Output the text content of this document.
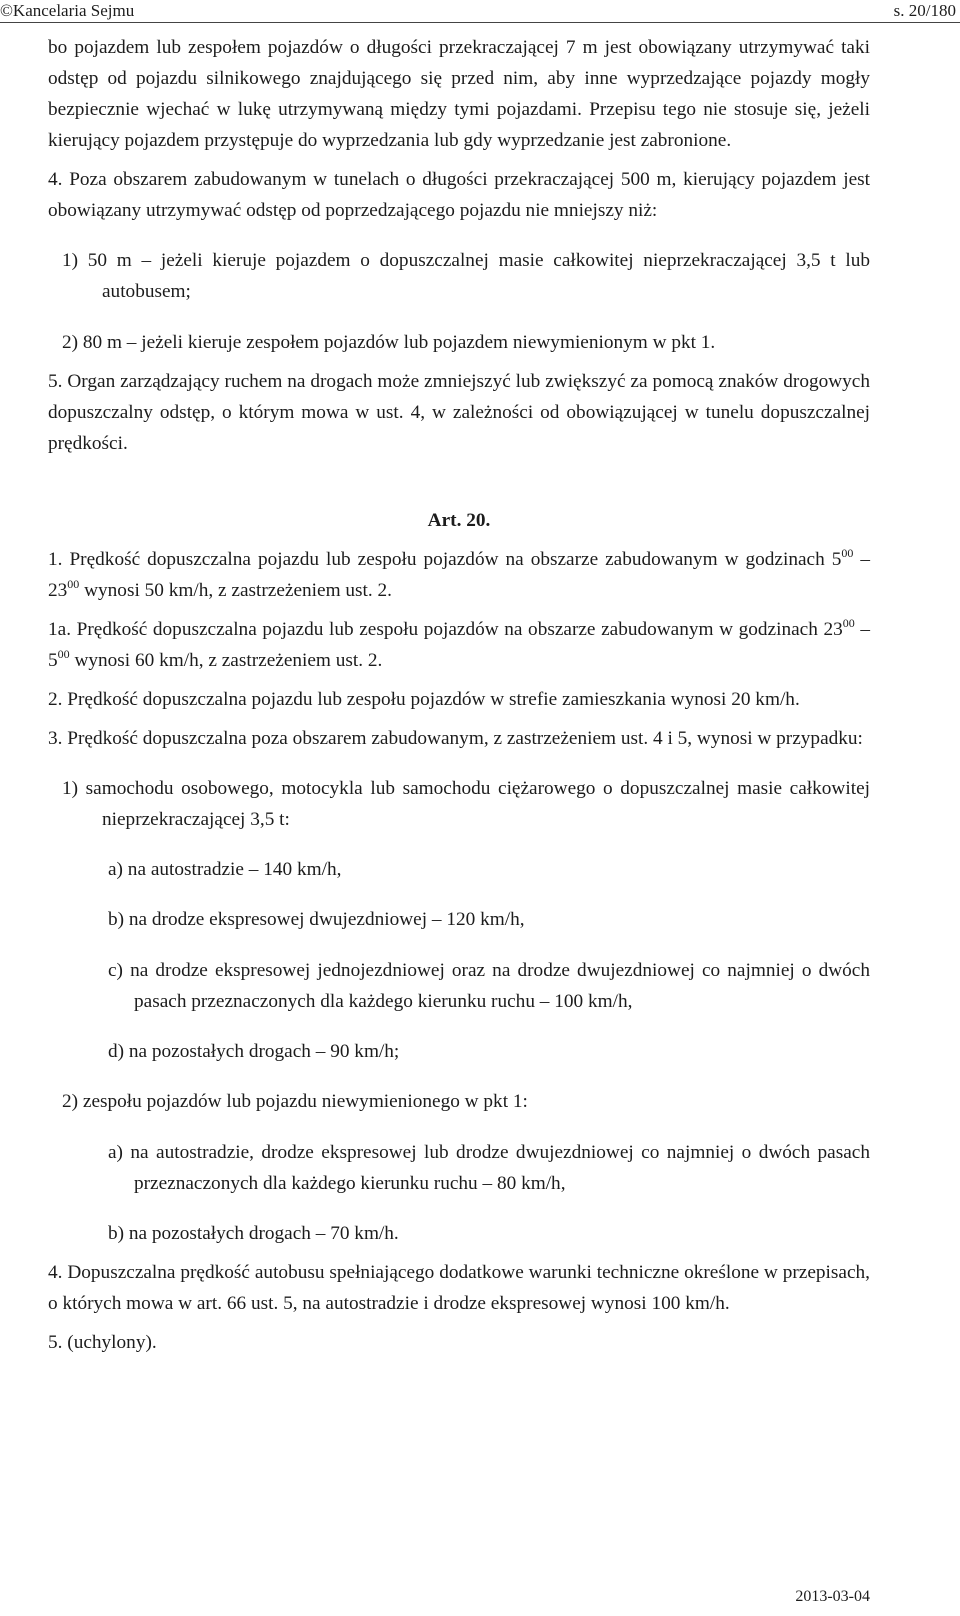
©Kancelaria Sejmu	s. 20/180

bo pojazdem lub zespołem pojazdów o długości przekraczającej 7 m jest obowiązany utrzymywać taki odstęp od pojazdu silnikowego znajdującego się przed nim, aby inne wyprzedzające pojazdy mogły bezpiecznie wjechać w lukę utrzymywaną między tymi pojazdami. Przepisu tego nie stosuje się, jeżeli kierujący pojazdem przystępuje do wyprzedzania lub gdy wyprzedzanie jest zabronione.

4. Poza obszarem zabudowanym w tunelach o długości przekraczającej 500 m, kierujący pojazdem jest obowiązany utrzymywać odstęp od poprzedzającego pojazdu nie mniejszy niż:

1) 50 m – jeżeli kieruje pojazdem o dopuszczalnej masie całkowitej nieprzekraczającej 3,5 t lub autobusem;

2) 80 m – jeżeli kieruje zespołem pojazdów lub pojazdem niewymienionym w pkt 1.

5. Organ zarządzający ruchem na drogach może zmniejszyć lub zwiększyć za pomocą znaków drogowych dopuszczalny odstęp, o którym mowa w ust. 4, w zależności od obowiązującej w tunelu dopuszczalnej prędkości.

Art. 20.

1. Prędkość dopuszczalna pojazdu lub zespołu pojazdów na obszarze zabudowanym w godzinach $5^{00}$ $-23^{00}$ wynosi 50 km/h, z zastrzeżeniem ust. 2.

1a. Prędkość dopuszczalna pojazdu lub zespołu pojazdów na obszarze zabudowanym w godzinach $23^{00}$ $-5^{00}$ wynosi 60 km/h, z zastrzeżeniem ust. 2.

2. Prędkość dopuszczalna pojazdu lub zespołu pojazdów w strefie zamieszkania wynosi 20 km/h.

3. Prędkość dopuszczalna poza obszarem zabudowanym, z zastrzeżeniem ust. 4 i 5, wynosi w przypadku:

1) samochodu osobowego, motocykla lub samochodu ciężarowego o dopuszczalnej masie całkowitej nieprzekraczającej 3,5 t:

a) na autostradzie – 140 km/h,

b) na drodze ekspresowej dwujezdniowej – 120 km/h,

c) na drodze ekspresowej jednojezdniowej oraz na drodze dwujezdniowej co najmniej o dwóch pasach przeznaczonych dla każdego kierunku ruchu – 100 km/h,

d) na pozostałych drogach – 90 km/h;

2) zespołu pojazdów lub pojazdu niewymienionego w pkt 1:

a) na autostradzie, drodze ekspresowej lub drodze dwujezdniowej co najmniej o dwóch pasach przeznaczonych dla każdego kierunku ruchu – 80 km/h,

b) na pozostałych drogach – 70 km/h.

4. Dopuszczalna prędkość autobusu spełniającego dodatkowe warunki techniczne określone w przepisach, o których mowa w art. 66 ust. 5, na autostradzie i drodze ekspresowej wynosi 100 km/h.

5. (uchylony).

2013-03-04
